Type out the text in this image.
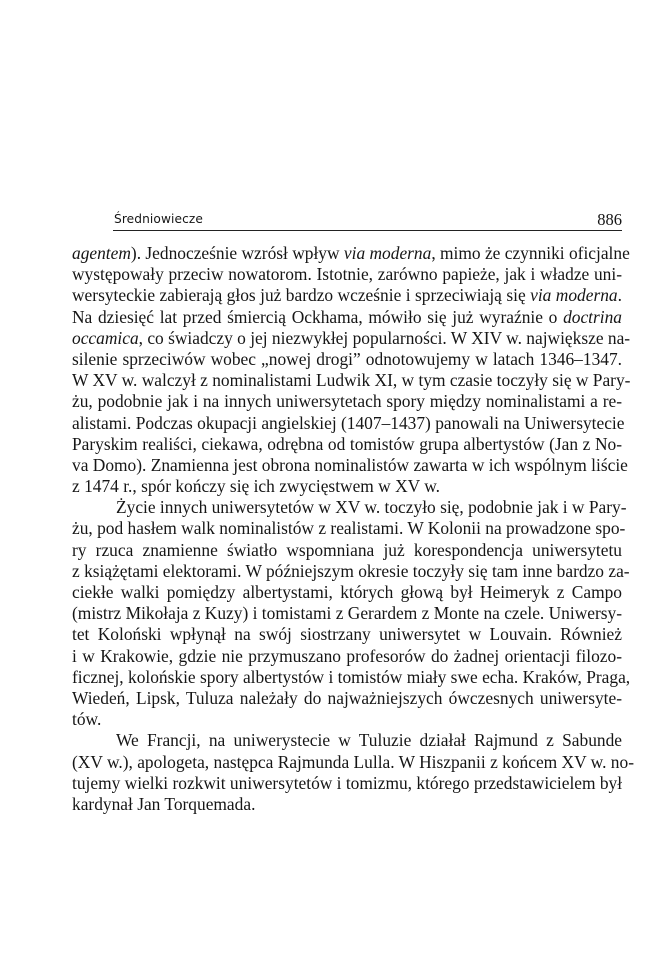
Średniowiecze	886
agentem). Jednocześnie wzrósł wpływ via moderna, mimo że czynniki oficjalne
występowały przeciw nowatorom. Istotnie, zarówno papieże, jak i władze uni-
wersyteckie zabierają głos już bardzo wcześnie i sprzeciwiają się via moderna.
Na dziesięć lat przed śmiercią Ockhama, mówiło się już wyraźnie o doctrina
occamica, co świadczy o jej niezwykłej popularności. W XIV w. największe na-
silenie sprzeciwów wobec „nowej drogi” odnotowujemy w latach 1346–1347.
W XV w. walczył z nominalistami Ludwik XI, w tym czasie toczyły się w Pary-
żu, podobnie jak i na innych uniwersytetach spory między nominalistami a re-
alistami. Podczas okupacji angielskiej (1407–1437) panowali na Uniwersytecie
Paryskim realiści, ciekawa, odrębna od tomistów grupa albertystów (Jan z No-
va Domo). Znamienna jest obrona nominalistów zawarta w ich wspólnym liście
z 1474 r., spór kończy się ich zwycięstwem w XV w.
Życie innych uniwersytetów w XV w. toczyło się, podobnie jak i w Pary-
żu, pod hasłem walk nominalistów z realistami. W Kolonii na prowadzone spo-
ry rzuca znamienne światło wspomniana już korespondencja uniwersytetu
z książętami elektorami. W późniejszym okresie toczyły się tam inne bardzo za-
ciekłe walki pomiędzy albertystami, których głową był Heimeryk z Campo
(mistrz Mikołaja z Kuzy) i tomistami z Gerardem z Monte na czele. Uniwersy-
tet Koloński wpłynął na swój siostrzany uniwersytet w Louvain. Również
i w Krakowie, gdzie nie przymuszano profesorów do żadnej orientacji filozo-
ficznej, kolońskie spory albertystów i tomistów miały swe echa. Kraków, Praga,
Wiedeń, Lipsk, Tuluza należały do najważniejszych ówczesnych uniwersyte-
tów.
We Francji, na uniwerystecie w Tuluzie działał Rajmund z Sabunde
(XV w.), apologeta, następca Rajmunda Lulla. W Hiszpanii z końcem XV w. no-
tujemy wielki rozkwit uniwersytetów i tomizmu, którego przedstawicielem był
kardynał Jan Torquemada.
